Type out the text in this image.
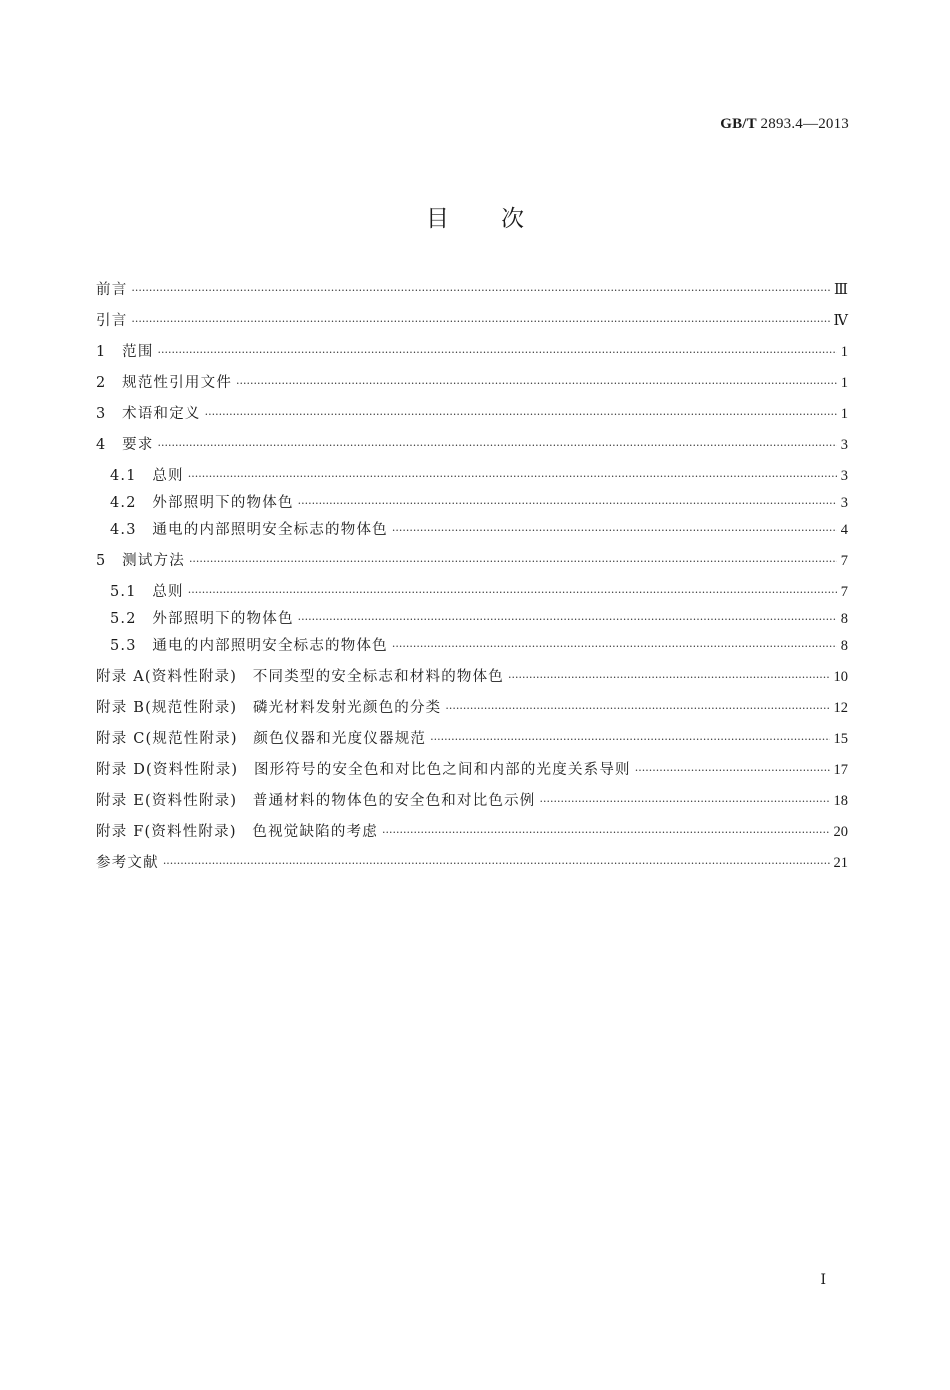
GB/T 2893.4—2013
目次
前言 ·····	Ⅲ
引言 ·····	Ⅳ
1　范围 ·····	1
2　规范性引用文件 ·····	1
3　术语和定义 ·····	1
4　要求 ·····	3
4.1　总则 ·····	3
4.2　外部照明下的物体色 ·····	3
4.3　通电的内部照明安全标志的物体色 ·····	4
5　测试方法 ·····	7
5.1　总则 ·····	7
5.2　外部照明下的物体色 ·····	8
5.3　通电的内部照明安全标志的物体色 ·····	8
附录 A(资料性附录)　不同类型的安全标志和材料的物体色 ·····	10
附录 B(规范性附录)　磷光材料发射光颜色的分类 ·····	12
附录 C(规范性附录)　颜色仪器和光度仪器规范 ·····	15
附录 D(资料性附录)　图形符号的安全色和对比色之间和内部的光度关系导则 ·····	17
附录 E(资料性附录)　普通材料的物体色的安全色和对比色示例 ·····	18
附录 F(资料性附录)　色视觉缺陷的考虑 ·····	20
参考文献 ·····	21
Ⅰ
